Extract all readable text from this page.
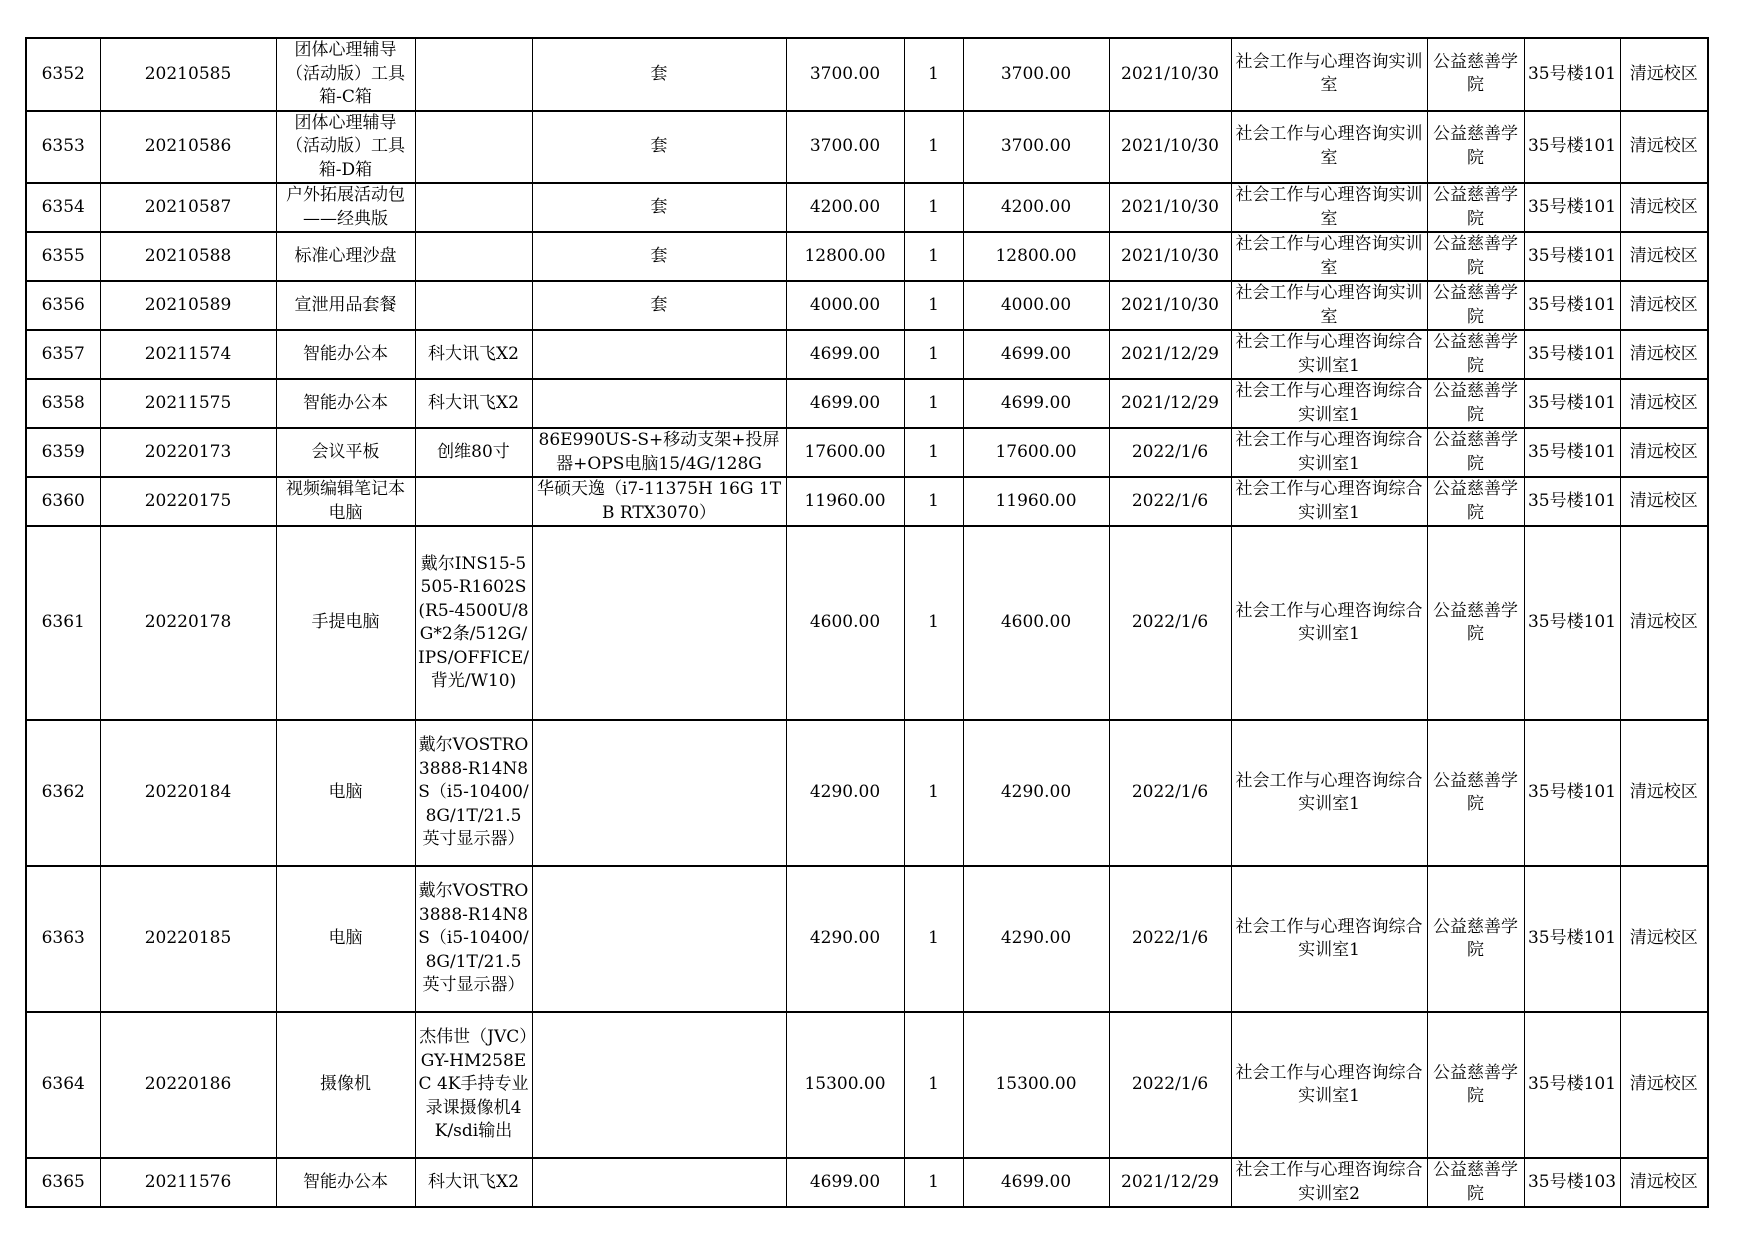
6352	20210585	团体心理辅导（活动版）工具箱-C箱		套	3700.00	1	3700.00	2021/10/30	社会工作与心理咨询实训室	公益慈善学院	35号楼101	清远校区
6353	20210586	团体心理辅导（活动版）工具箱-D箱		套	3700.00	1	3700.00	2021/10/30	社会工作与心理咨询实训室	公益慈善学院	35号楼101	清远校区
6354	20210587	户外拓展活动包——经典版		套	4200.00	1	4200.00	2021/10/30	社会工作与心理咨询实训室	公益慈善学院	35号楼101	清远校区
6355	20210588	标准心理沙盘		套	12800.00	1	12800.00	2021/10/30	社会工作与心理咨询实训室	公益慈善学院	35号楼101	清远校区
6356	20210589	宣泄用品套餐		套	4000.00	1	4000.00	2021/10/30	社会工作与心理咨询实训室	公益慈善学院	35号楼101	清远校区
6357	20211574	智能办公本	科大讯飞X2		4699.00	1	4699.00	2021/12/29	社会工作与心理咨询综合实训室1	公益慈善学院	35号楼101	清远校区
6358	20211575	智能办公本	科大讯飞X2		4699.00	1	4699.00	2021/12/29	社会工作与心理咨询综合实训室1	公益慈善学院	35号楼101	清远校区
6359	20220173	会议平板	创维80寸	86E990US-S+移动支架+投屏器+OPS电脑15/4G/128G	17600.00	1	17600.00	2022/1/6	社会工作与心理咨询综合实训室1	公益慈善学院	35号楼101	清远校区
6360	20220175	视频编辑笔记本电脑		华硕天逸（i7-11375H 16G 1TB RTX3070）	11960.00	1	11960.00	2022/1/6	社会工作与心理咨询综合实训室1	公益慈善学院	35号楼101	清远校区
6361	20220178	手提电脑	戴尔INS15-5505-R1602S(R5-4500U/8G*2条/512G/IPS/OFFICE/背光/W10)		4600.00	1	4600.00	2022/1/6	社会工作与心理咨询综合实训室1	公益慈善学院	35号楼101	清远校区
6362	20220184	电脑	戴尔VOSTRO3888-R14N8S（i5-10400/8G/1T/21.5英寸显示器）		4290.00	1	4290.00	2022/1/6	社会工作与心理咨询综合实训室1	公益慈善学院	35号楼101	清远校区
6363	20220185	电脑	戴尔VOSTRO3888-R14N8S（i5-10400/8G/1T/21.5英寸显示器）		4290.00	1	4290.00	2022/1/6	社会工作与心理咨询综合实训室1	公益慈善学院	35号楼101	清远校区
6364	20220186	摄像机	杰伟世（JVC）GY-HM258EC 4K手持专业录课摄像机4K/sdi输出		15300.00	1	15300.00	2022/1/6	社会工作与心理咨询综合实训室1	公益慈善学院	35号楼101	清远校区
6365	20211576	智能办公本	科大讯飞X2		4699.00	1	4699.00	2021/12/29	社会工作与心理咨询综合实训室2	公益慈善学院	35号楼103	清远校区
